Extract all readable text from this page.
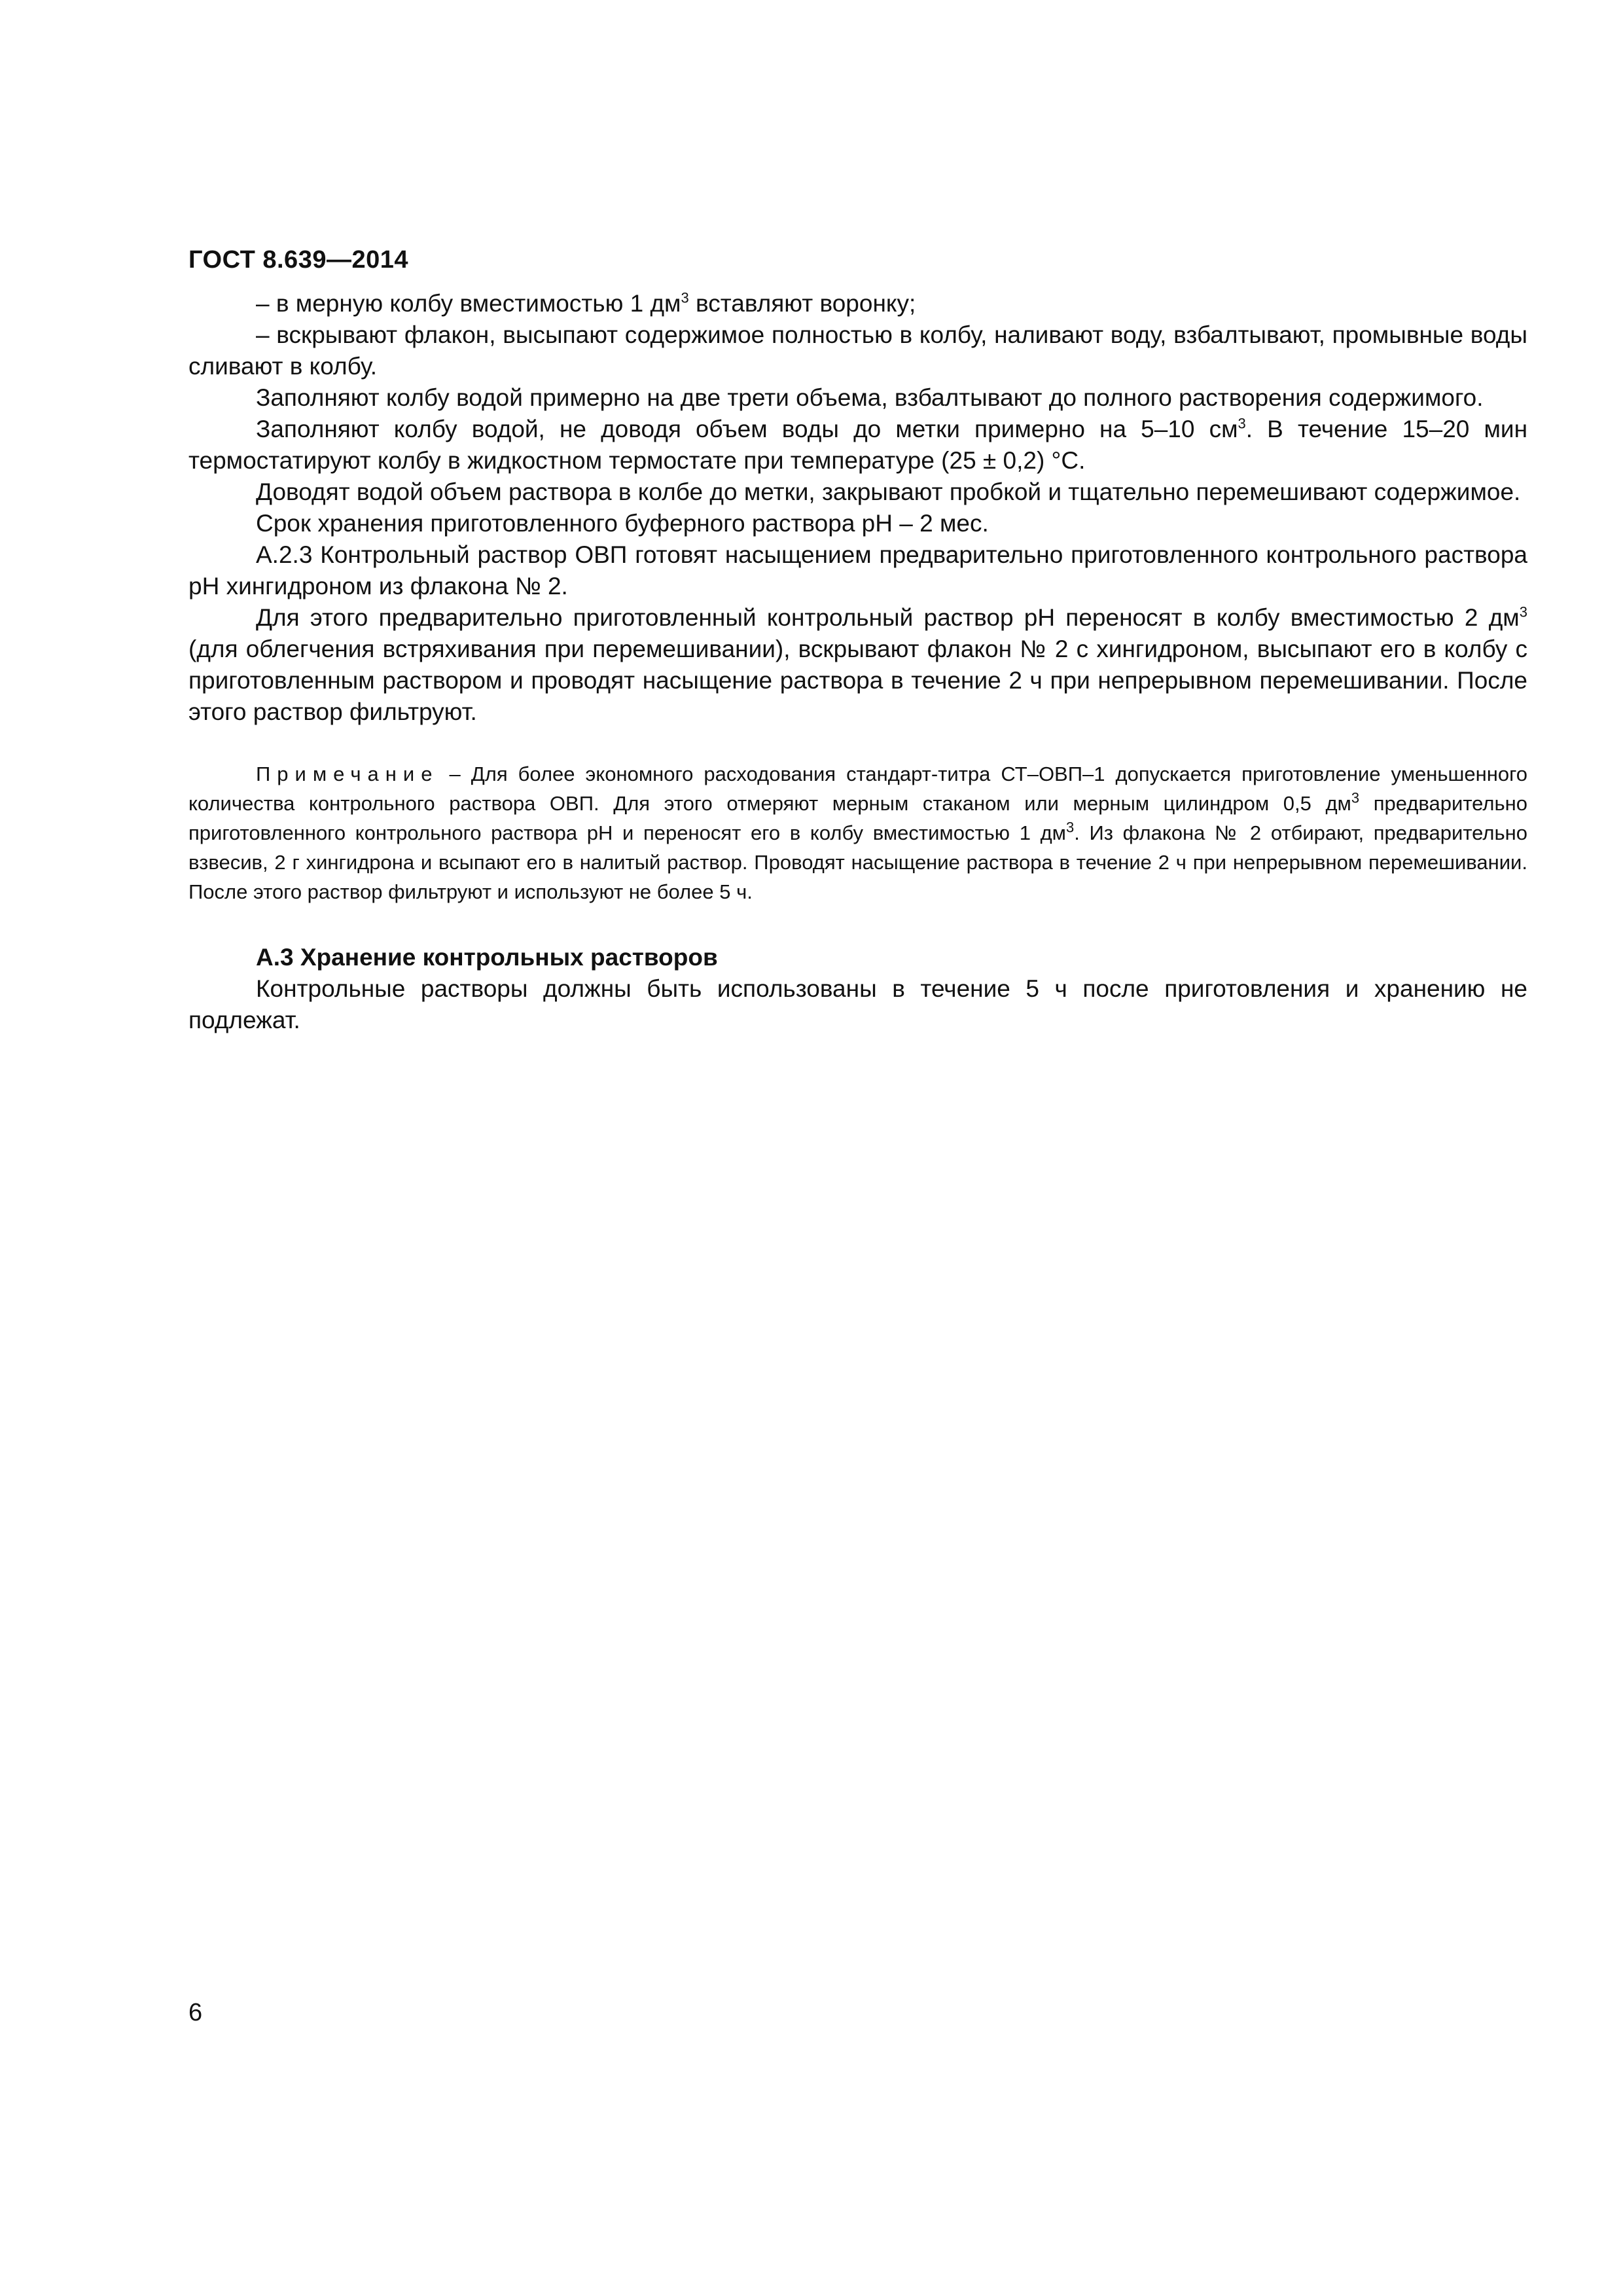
ГОСТ 8.639—2014

– в мерную колбу вместимостью 1 $дм^3$ вставляют воронку;

– вскрывают флакон, высыпают содержимое полностью в колбу, наливают воду, взбалтывают, промывные воды сливают в колбу.

Заполняют колбу водой примерно на две трети объема, взбалтывают до полного растворения содержимого.

Заполняют колбу водой, не доводя объем воды до метки примерно на 5–10 $см^3$. В течение 15–20 мин термостатируют колбу в жидкостном термостате при температуре (25 ± 0,2) °С.

Доводят водой объем раствора в колбе до метки, закрывают пробкой и тщательно перемешивают содержимое.

Срок хранения приготовленного буферного раствора pH – 2 мес.

А.2.3 Контрольный раствор ОВП готовят насыщением предварительно приготовленного контрольного раствора pH хингидроном из флакона № 2.

Для этого предварительно приготовленный контрольный раствор pH переносят в колбу вместимостью 2 $дм^3$ (для облегчения встряхивания при перемешивании), вскрывают флакон № 2 с хингидроном, высыпают его в колбу с приготовленным раствором и проводят насыщение раствора в течение 2 ч при непрерывном перемешивании. После этого раствор фильтруют.

Примечание – Для более экономного расходования стандарт-титра СТ–ОВП–1 допускается приготовление уменьшенного количества контрольного раствора ОВП. Для этого отмеряют мерным стаканом или мерным цилиндром 0,5 $дм^3$ предварительно приготовленного контрольного раствора pH и переносят его в колбу вместимостью 1 $дм^3$. Из флакона № 2 отбирают, предварительно взвесив, 2 г хингидрона и всыпают его в налитый раствор. Проводят насыщение раствора в течение 2 ч при непрерывном перемешивании. После этого раствор фильтруют и используют не более 5 ч.

А.3 Хранение контрольных растворов

Контрольные растворы должны быть использованы в течение 5 ч после приготовления и хранению не подлежат.

6
